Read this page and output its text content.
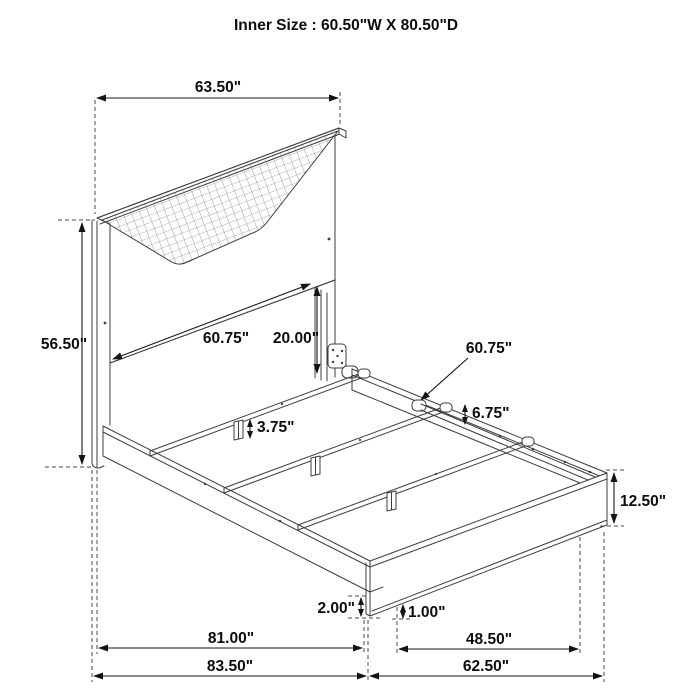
Inner Size : 60.50"W X 80.50"D
63.50"
56.50"	60.75" 20.00"
3.75"
60.75"
6.75"
12.50"
2.00"	1.00"
81.00"	48.50"
83.50"	62.50"
